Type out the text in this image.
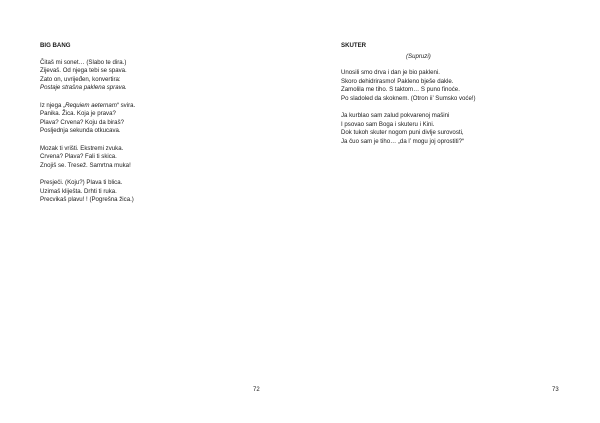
BIG BANG
Čitaš mi sonet… (Slabo te dira.)
Zijevaš. Od njega tebi se spava.
Zato on, uvrijeđen, konvertira:
Postaje strašna paklena sprava.
Iz njega „Requiem aeternam“ svira.
Panika. Žica. Koja je prava?
Plava? Crvena? Koju da biraš?
Posljednja sekunda otkucava.
Mozak ti vrišti. Ekstremi zvuka.
Crvena? Plava? Fali ti skica.
Znojiš se. Tresež. Samrtna muka!
Presječi. (Koju?) Plava ti blica.
Uzimaš kliješta. Drhti ti ruka.
Precvikaš plavu! ! (Pogrešna žica.)
72
SKUTER
(Supruzi)
Unosili smo drva i dan je bio pakleni.
Skoro dehidrirasmo! Pakleno bješe dakle.
Zamolila me tiho. S taktom… S puno finoće.
Po sladoled da skoknem. (Otron ii’ Sumsko voće!)
Ja kurblao sam zalud pokvarenoj mašini
I psovao sam Boga i skuteru i Kini.
Dok tukoh skuter nogom puni divlje surovosti,
Ja čuo sam je tiho… „da l’ mogu joj oprostiti?“
73
